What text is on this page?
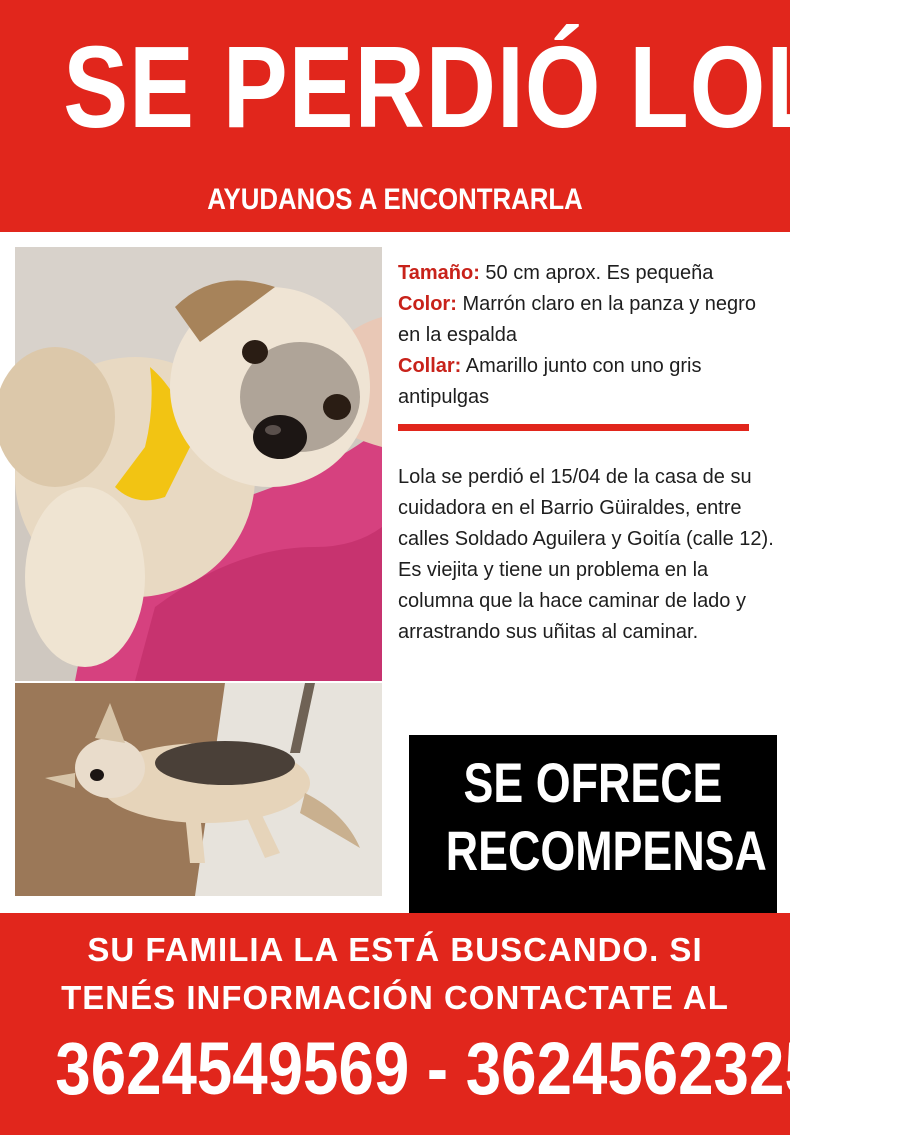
SE PERDIÓ LOLA
AYUDANOS A ENCONTRARLA

Tamaño: 50 cm aprox. Es pequeña

Color: Marrón claro en la panza y negro en la espalda

Collar: Amarillo junto con uno gris antipulgas

Lola se perdió el 15/04 de la casa de su cuidadora en el Barrio Güiraldes, entre calles Soldado Aguilera y Goitía (calle 12).

Es viejita y tiene un problema en la columna que la hace caminar de lado y arrastrando sus uñitas al caminar.

SE OFRECE
RECOMPENSA
SU FAMILIA LA ESTÁ BUSCANDO. SI
TENÉS INFORMACIÓN CONTACTATE AL
3624549569 - 3624562325
